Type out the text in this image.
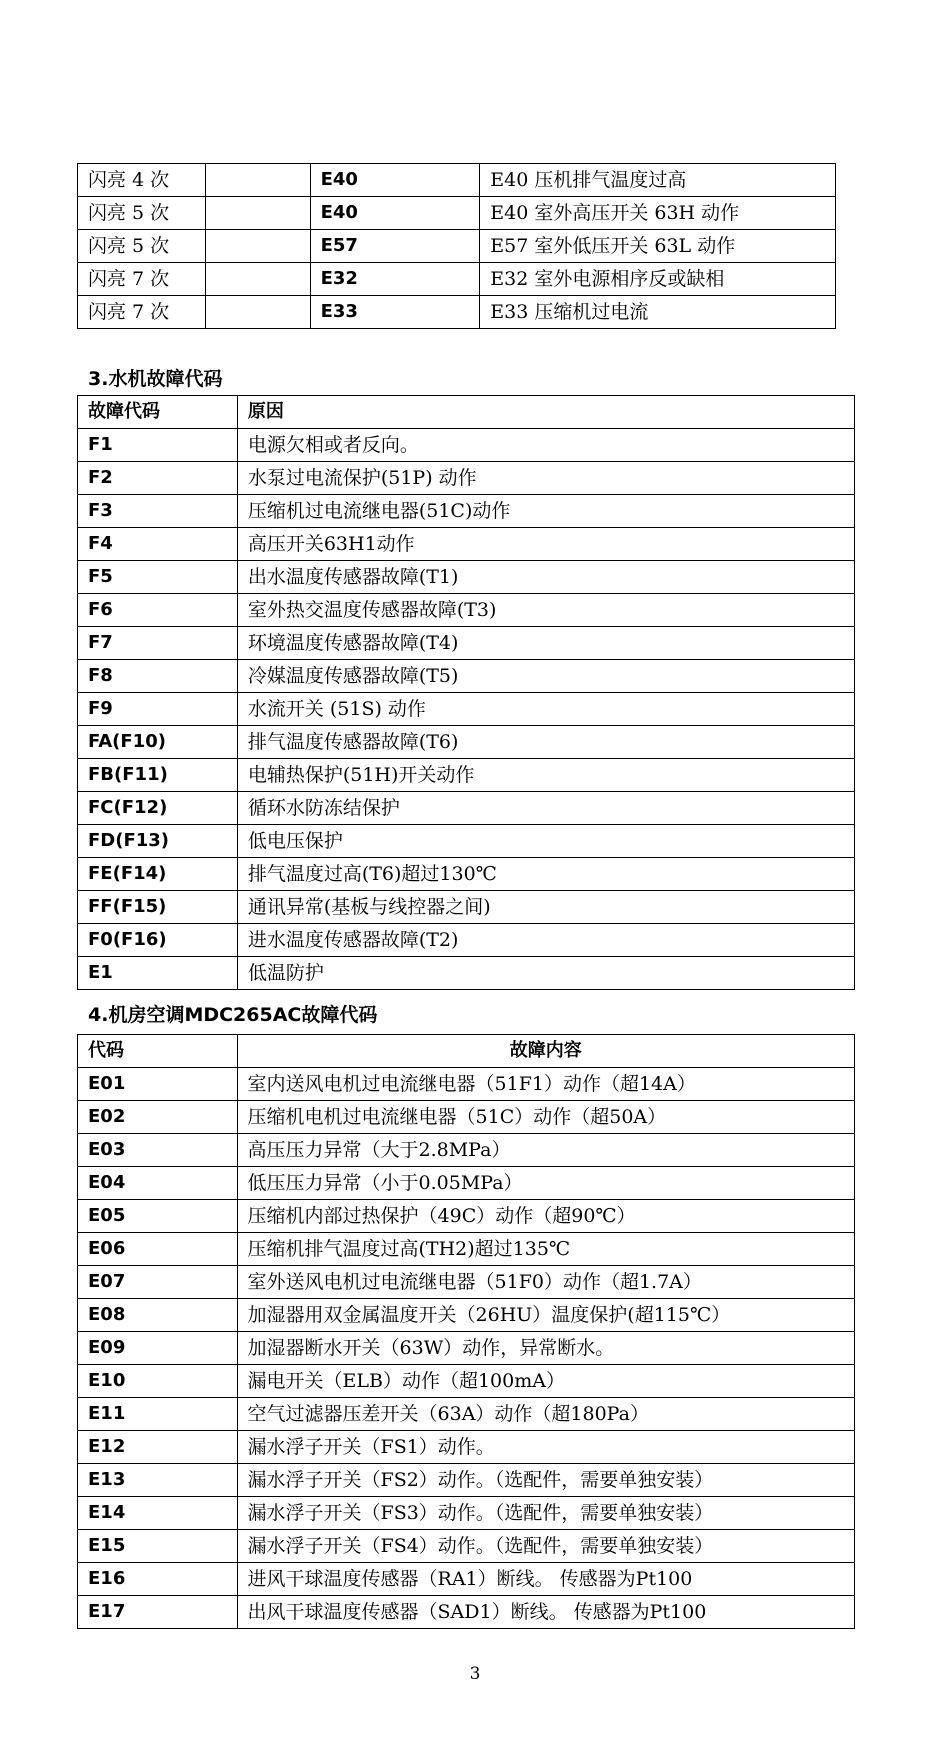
闪亮 4 次		E40	E40 压机排气温度过高
闪亮 5 次		E40	E40 室外高压开关 63H 动作
闪亮 5 次		E57	E57 室外低压开关 63L 动作
闪亮 7 次		E32	E32 室外电源相序反或缺相
闪亮 7 次		E33	E33 压缩机过电流
3.水机故障代码
故障代码	原因
F1	电源欠相或者反向。
F2	水泵过电流保护(51P) 动作
F3	压缩机过电流继电器(51C)动作
F4	高压开关63H1动作
F5	出水温度传感器故障(T1)
F6	室外热交温度传感器故障(T3)
F7	环境温度传感器故障(T4)
F8	冷媒温度传感器故障(T5)
F9	水流开关 (51S) 动作
FA(F10)	排气温度传感器故障(T6)
FB(F11)	电辅热保护(51H)开关动作
FC(F12)	循环水防冻结保护
FD(F13)	低电压保护
FE(F14)	排气温度过高(T6)超过130℃
FF(F15)	通讯异常(基板与线控器之间)
F0(F16)	进水温度传感器故障(T2)
E1	低温防护
4.机房空调MDC265AC故障代码
代码	故障内容
E01	室内送风电机过电流继电器（51F1）动作（超14A）
E02	压缩机电机过电流继电器（51C）动作（超50A）
E03	高压压力异常（大于2.8MPa）
E04	低压压力异常（小于0.05MPa）
E05	压缩机内部过热保护（49C）动作（超90℃）
E06	压缩机排气温度过高(TH2)超过135℃
E07	室外送风电机过电流继电器（51F0）动作（超1.7A）
E08	加湿器用双金属温度开关（26HU）温度保护(超115℃）
E09	加湿器断水开关（63W）动作，异常断水。
E10	漏电开关（ELB）动作（超100mA）
E11	空气过滤器压差开关（63A）动作（超180Pa）
E12	漏水浮子开关（FS1）动作。
E13	漏水浮子开关（FS2）动作。（选配件，需要单独安装）
E14	漏水浮子开关（FS3）动作。（选配件，需要单独安装）
E15	漏水浮子开关（FS4）动作。（选配件，需要单独安装）
E16	进风干球温度传感器（RA1）断线。 传感器为Pt100
E17	出风干球温度传感器（SAD1）断线。 传感器为Pt100
3
